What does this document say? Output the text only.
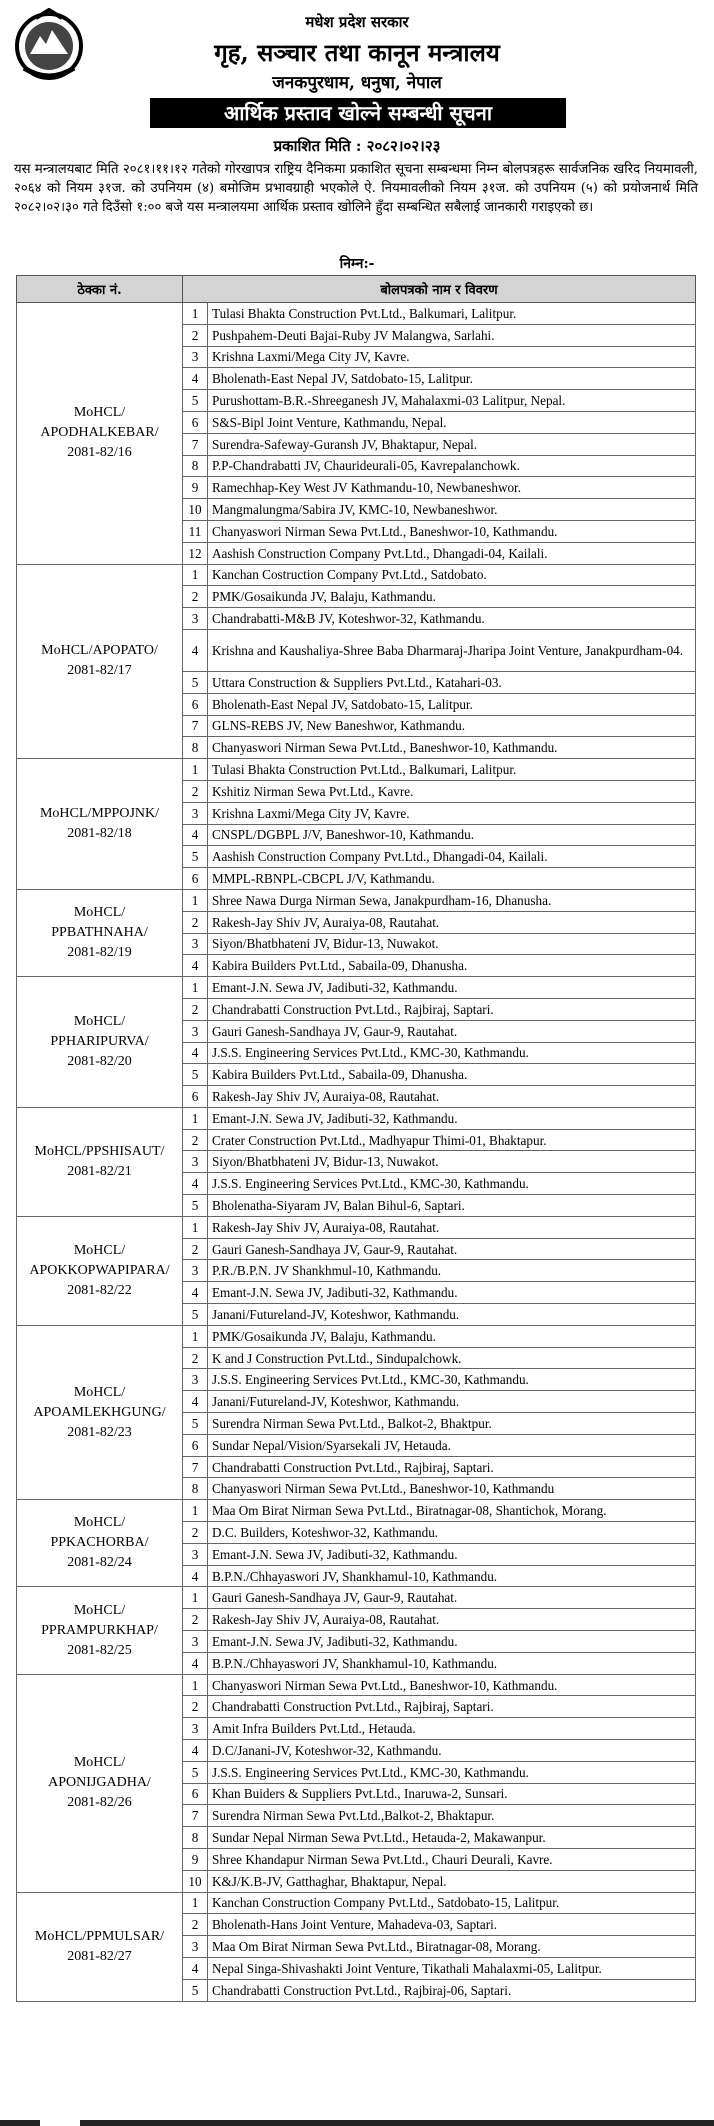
मधेश प्रदेश सरकार
गृह, सञ्चार तथा कानून मन्त्रालय
जनकपुरधाम, धनुषा, नेपाल
आर्थिक प्रस्ताव खोल्ने सम्बन्धी सूचना
प्रकाशित मिति : २०८२।०२।२३
यस मन्त्रालयबाट मिति २०८१।११।१२ गतेको गोरखापत्र राष्ट्रिय दैनिकमा प्रकाशित सूचना सम्बन्धमा निम्न बोलपत्रहरू सार्वजनिक खरिद नियमावली, २०६४ को नियम ३१ज. को उपनियम (४) बमोजिम प्रभावग्राही भएकोले ऐ. नियमावलीको नियम ३१ज. को उपनियम (५) को प्रयोजनार्थ मिति २०८२।०२।३० गते दिउँसो १:०० बजे यस मन्त्रालयमा आर्थिक प्रस्ताव खोलिने हुँदा सम्बन्धित सबैलाई जानकारी गराइएको छ।
निम्न:-
ठेक्का नं.	बोलपत्रको नाम र विवरण	

MoHCL/
APODHALKEBAR/
2081-82/16	1	Tulasi Bhakta Construction Pvt.Ltd., Balkumari, Lalitpur.
	2	Pushpahem-Deuti Bajai-Ruby JV Malangwa, Sarlahi.
	3	Krishna Laxmi/Mega City JV, Kavre.
	4	Bholenath-East Nepal JV, Satdobato-15, Lalitpur.
	5	Purushottam-B.R.-Shreeganesh JV, Mahalaxmi-03 Lalitpur, Nepal.
	6	S&S-Bipl Joint Venture, Kathmandu, Nepal.
	7	Surendra-Safeway-Guransh JV, Bhaktapur, Nepal.
	8	P.P-Chandrabatti JV, Chaurideurali-05, Kavrepalanchowk.
	9	Ramechhap-Key West JV Kathmandu-10, Newbaneshwor.
	10	Mangmalungma/Sabira JV, KMC-10, Newbaneshwor.
	11	Chanyaswori Nirman Sewa Pvt.Ltd., Baneshwor-10, Kathmandu.
	12	Aashish Construction Company Pvt.Ltd., Dhangadi-04, Kailali.

MoHCL/APOPATO/
2081-82/17	1	Kanchan Costruction Company Pvt.Ltd., Satdobato.
	2	PMK/Gosaikunda JV, Balaju, Kathmandu.
	3	Chandrabatti-M&B JV, Koteshwor-32, Kathmandu.
	4	Krishna and Kaushaliya-Shree Baba Dharmaraj-Jharipa Joint Venture, Janakpurdham-04.
	5	Uttara Construction & Suppliers Pvt.Ltd., Katahari-03.
	6	Bholenath-East Nepal JV, Satdobato-15, Lalitpur.
	7	GLNS-REBS JV, New Baneshwor, Kathmandu.
	8	Chanyaswori Nirman Sewa Pvt.Ltd., Baneshwor-10, Kathmandu.

MoHCL/MPPOJNK/
2081-82/18	1	Tulasi Bhakta Construction Pvt.Ltd., Balkumari, Lalitpur.
	2	Kshitiz Nirman Sewa Pvt.Ltd., Kavre.
	3	Krishna Laxmi/Mega City JV, Kavre.
	4	CNSPL/DGBPL J/V, Baneshwor-10, Kathmandu.
	5	Aashish Construction Company Pvt.Ltd., Dhangadi-04, Kailali.
	6	MMPL-RBNPL-CBCPL J/V, Kathmandu.

MoHCL/
PPBATHNAHA/
2081-82/19	1	Shree Nawa Durga Nirman Sewa, Janakpurdham-16, Dhanusha.
	2	Rakesh-Jay Shiv JV, Auraiya-08, Rautahat.
	3	Siyon/Bhatbhateni JV, Bidur-13, Nuwakot.
	4	Kabira Builders Pvt.Ltd., Sabaila-09, Dhanusha.

MoHCL/
PPHARIPURVA/
2081-82/20	1	Emant-J.N. Sewa JV, Jadibuti-32, Kathmandu.
	2	Chandrabatti Construction Pvt.Ltd., Rajbiraj, Saptari.
	3	Gauri Ganesh-Sandhaya JV, Gaur-9, Rautahat.
	4	J.S.S. Engineering Services Pvt.Ltd., KMC-30, Kathmandu.
	5	Kabira Builders Pvt.Ltd., Sabaila-09, Dhanusha.
	6	Rakesh-Jay Shiv JV, Auraiya-08, Rautahat.

MoHCL/PPSHISAUT/
2081-82/21	1	Emant-J.N. Sewa JV, Jadibuti-32, Kathmandu.
	2	Crater Construction Pvt.Ltd., Madhyapur Thimi-01, Bhaktapur.
	3	Siyon/Bhatbhateni JV, Bidur-13, Nuwakot.
	4	J.S.S. Engineering Services Pvt.Ltd., KMC-30, Kathmandu.
	5	Bholenatha-Siyaram JV, Balan Bihul-6, Saptari.

MoHCL/
APOKKOPWAPIPARA/
2081-82/22	1	Rakesh-Jay Shiv JV, Auraiya-08, Rautahat.
	2	Gauri Ganesh-Sandhaya JV, Gaur-9, Rautahat.
	3	P.R./B.P.N. JV Shankhmul-10, Kathmandu.
	4	Emant-J.N. Sewa JV, Jadibuti-32, Kathmandu.
	5	Janani/Futureland-JV, Koteshwor, Kathmandu.

MoHCL/
APOAMLEKHGUNG/
2081-82/23	1	PMK/Gosaikunda JV, Balaju, Kathmandu.
	2	K and J Construction Pvt.Ltd., Sindupalchowk.
	3	J.S.S. Engineering Services Pvt.Ltd., KMC-30, Kathmandu.
	4	Janani/Futureland-JV, Koteshwor, Kathmandu.
	5	Surendra Nirman Sewa Pvt.Ltd., Balkot-2, Bhaktpur.
	6	Sundar Nepal/Vision/Syarsekali JV, Hetauda.
	7	Chandrabatti Construction Pvt.Ltd., Rajbiraj, Saptari.
	8	Chanyaswori Nirman Sewa Pvt.Ltd., Baneshwor-10, Kathmandu

MoHCL/
PPKACHORBA/
2081-82/24	1	Maa Om Birat Nirman Sewa Pvt.Ltd., Biratnagar-08, Shantichok, Morang.
	2	D.C. Builders, Koteshwor-32, Kathmandu.
	3	Emant-J.N. Sewa JV, Jadibuti-32, Kathmandu.
	4	B.P.N./Chhayaswori JV, Shankhamul-10, Kathmandu.

MoHCL/
PPRAMPURKHAP/
2081-82/25	1	Gauri Ganesh-Sandhaya JV, Gaur-9, Rautahat.
	2	Rakesh-Jay Shiv JV, Auraiya-08, Rautahat.
	3	Emant-J.N. Sewa JV, Jadibuti-32, Kathmandu.
	4	B.P.N./Chhayaswori JV, Shankhamul-10, Kathmandu.

MoHCL/
APONIJGADHA/
2081-82/26	1	Chanyaswori Nirman Sewa Pvt.Ltd., Baneshwor-10, Kathmandu.
	2	Chandrabatti Construction Pvt.Ltd., Rajbiraj, Saptari.
	3	Amit Infra Builders Pvt.Ltd., Hetauda.
	4	D.C/Janani-JV, Koteshwor-32, Kathmandu.
	5	J.S.S. Engineering Services Pvt.Ltd., KMC-30, Kathmandu.
	6	Khan Buiders & Suppliers Pvt.Ltd., Inaruwa-2, Sunsari.
	7	Surendra Nirman Sewa Pvt.Ltd.,Balkot-2, Bhaktapur.
	8	Sundar Nepal Nirman Sewa Pvt.Ltd., Hetauda-2, Makawanpur.
	9	Shree Khandapur Nirman Sewa Pvt.Ltd., Chauri Deurali, Kavre.
	10	K&J/K.B-JV, Gatthaghar, Bhaktapur, Nepal.

MoHCL/PPMULSAR/
2081-82/27	1	Kanchan Construction Company Pvt.Ltd., Satdobato-15, Lalitpur.
	2	Bholenath-Hans Joint Venture, Mahadeva-03, Saptari.
	3	Maa Om Birat Nirman Sewa Pvt.Ltd., Biratnagar-08, Morang.
	4	Nepal Singa-Shivashakti Joint Venture, Tikathali Mahalaxmi-05, Lalitpur.
	5	Chandrabatti Construction Pvt.Ltd., Rajbiraj-06, Saptari.
